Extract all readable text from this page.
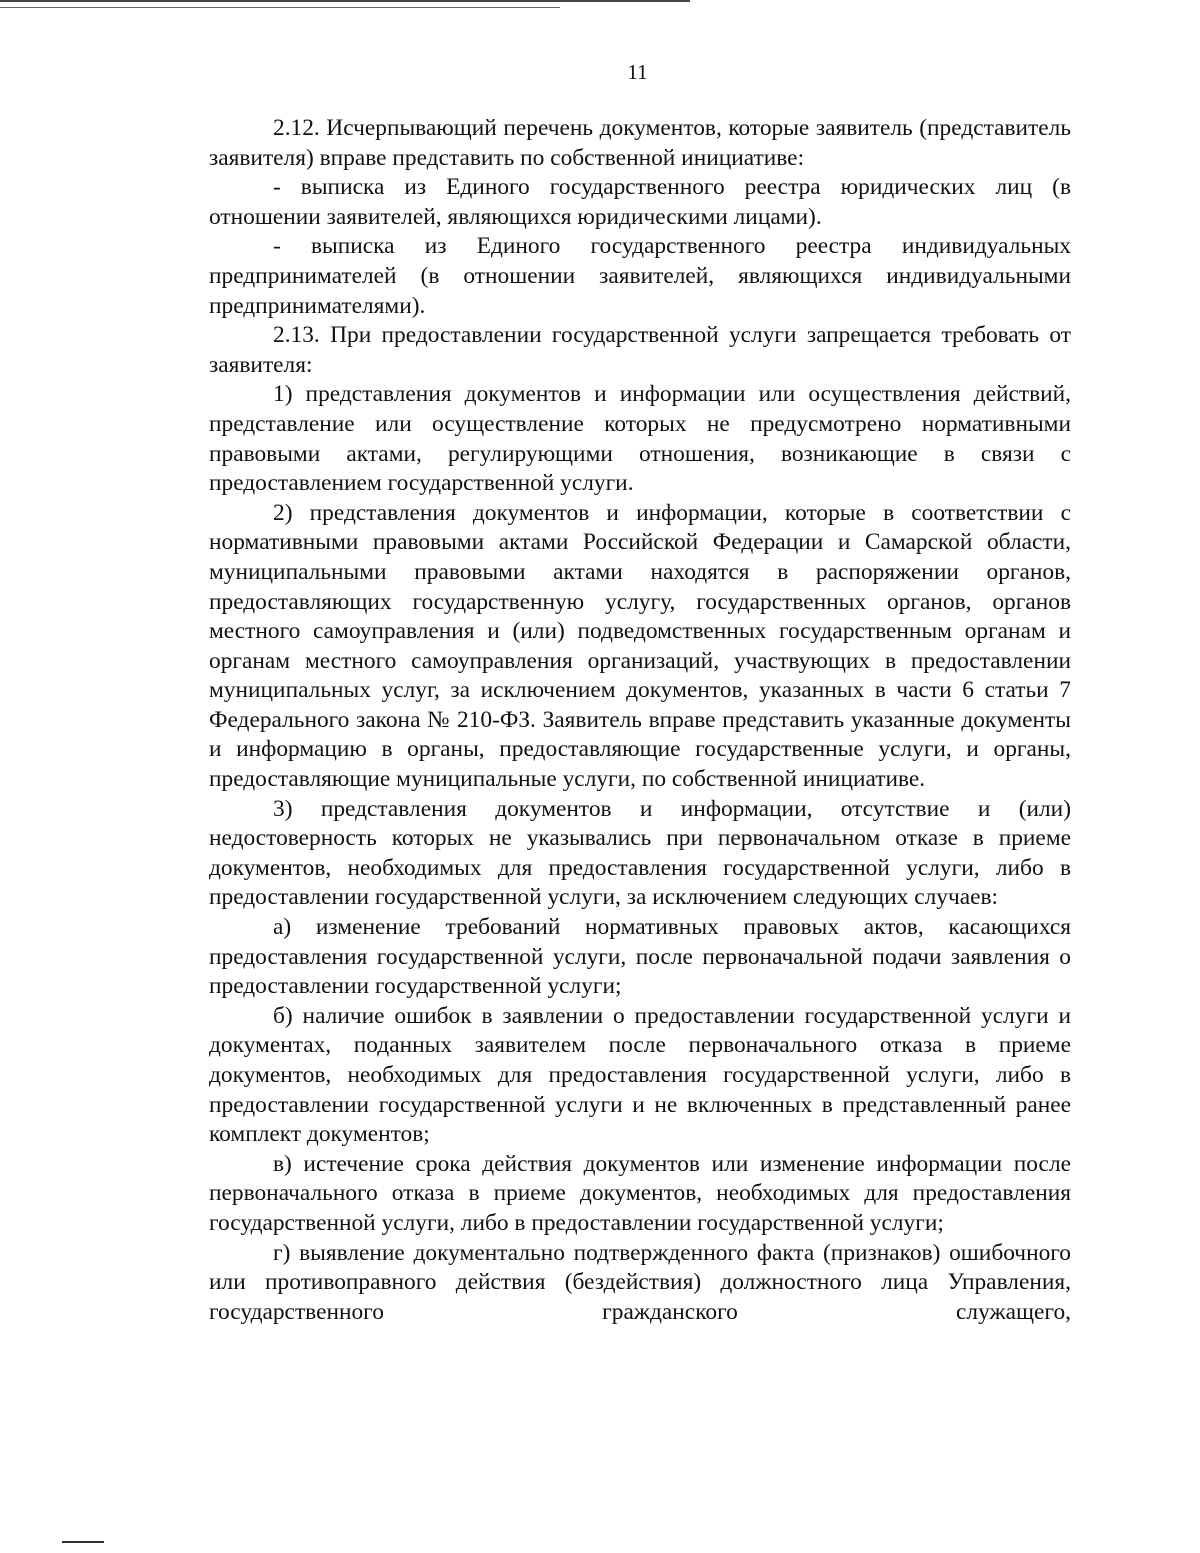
11

2.12. Исчерпывающий перечень документов, которые заявитель (представитель заявителя) вправе представить по собственной инициативе:

- выписка из Единого государственного реестра юридических лиц (в отношении заявителей, являющихся юридическими лицами).

- выписка из Единого государственного реестра индивидуальных предпринимателей (в отношении заявителей, являющихся индивидуальными предпринимателями).

2.13. При предоставлении государственной услуги запрещается требовать от заявителя:

1) представления документов и информации или осуществления действий, представление или осуществление которых не предусмотрено нормативными правовыми актами, регулирующими отношения, возникающие в связи с предоставлением государственной услуги.

2) представления документов и информации, которые в соответствии с нормативными правовыми актами Российской Федерации и Самарской области, муниципальными правовыми актами находятся в распоряжении органов, предоставляющих государственную услугу, государственных органов, органов местного самоуправления и (или) подведомственных государственным органам и органам местного самоуправления организаций, участвующих в предоставлении муниципальных услуг, за исключением документов, указанных в части 6 статьи 7 Федерального закона № 210-ФЗ. Заявитель вправе представить указанные документы и информацию в органы, предоставляющие государственные услуги, и органы, предоставляющие муниципальные услуги, по собственной инициативе.

3) представления документов и информации, отсутствие и (или) недостоверность которых не указывались при первоначальном отказе в приеме документов, необходимых для предоставления государственной услуги, либо в предоставлении государственной услуги, за исключением следующих случаев:

а) изменение требований нормативных правовых актов, касающихся предоставления государственной услуги, после первоначальной подачи заявления о предоставлении государственной услуги;

б) наличие ошибок в заявлении о предоставлении государственной услуги и документах, поданных заявителем после первоначального отказа в приеме документов, необходимых для предоставления государственной услуги, либо в предоставлении государственной услуги и не включенных в представленный ранее комплект документов;

в) истечение срока действия документов или изменение информации после первоначального отказа в приеме документов, необходимых для предоставления государственной услуги, либо в предоставлении государственной услуги;

г) выявление документально подтвержденного факта (признаков) ошибочного или противоправного действия (бездействия) должностного лица Управления, государственного гражданского служащего,
